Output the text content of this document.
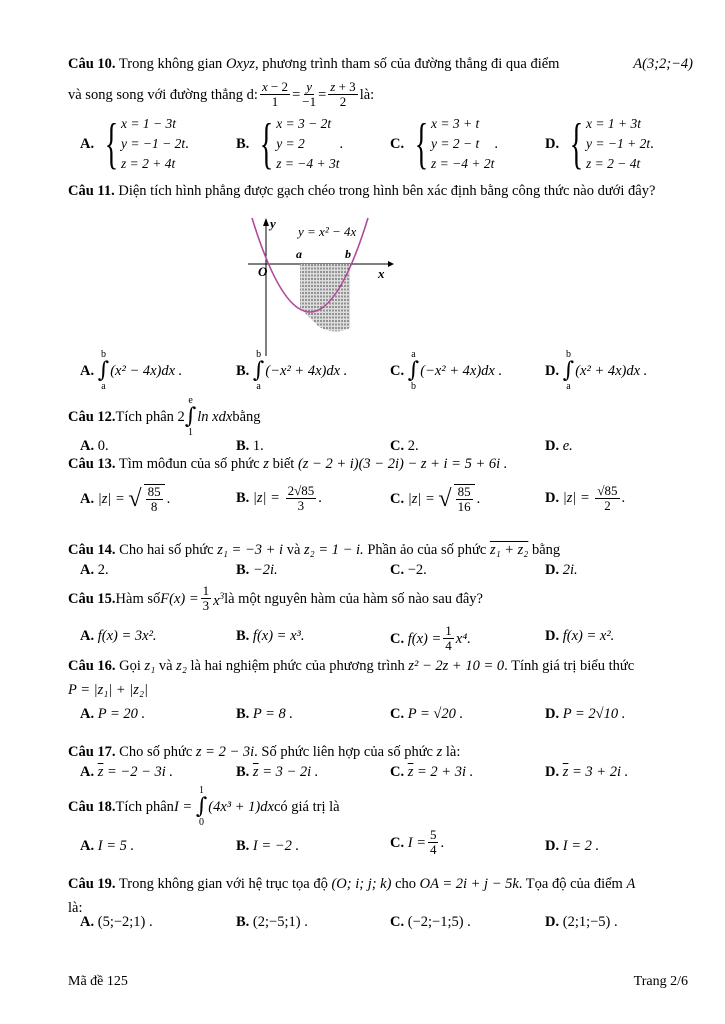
Câu 10. Trong không gian Oxyz, phương trình tham số của đường thẳng đi qua điểm	A(3;2;−4)
và song song với đường thẳng d: $\frac{x - 2}{1} = \frac{y}{-1} = \frac{z + 3}{2}$ là:
A. { x = 1 − 3t
y = −1 − 2t
z = 2 + 4t
.	B. { x = 3 − 2t
y = 2
z = −4 + 3t
.	C. { x = 3 + t
y = 2 − t
z = −4 + 2t
.	D. { x = 1 + 3t
y = −1 + 2t
z = 2 − 4t
.
Câu 11. Diện tích hình phẳng được gạch chéo trong hình bên xác định bằng công thức nào dưới đây?
O
a	b
x
y
y = x² − 4x
A.

b
∫
a
(x² − 4x)dx .	B.

b
∫
a
(−x² + 4x)dx .	C.

a
∫
b
(−x² + 4x)dx .	D.

b
∫
a
(x² + 4x)dx .
Câu 12. Tích phân 2
e
∫
1
ln xdx bằng
A.
0.	B.
1.	C.
2.	D.
e.
Câu 13. Tìm môđun của số phức z biết (z − 2 + i)(3 − 2i) − z + i = 5 + 6i .
A.
|z| =
√ $\frac{85}{8}$ .	B.
|z| =
$\frac{2√85}{3}$ .	C.
|z| =
√ $\frac{85}{16}$ .	D.
|z| =
$\frac{√85}{2}$ .
Câu 14. Cho hai số phức z₁ = −3 + i và z₂ = 1 − i. Phần ảo của số phức z₁ + z₂ bằng
A.
2.	B.
−2i.	C.
−2.	D.
2i.
Câu 15. Hàm số $F(x) = \frac{1}{3} x^3$ là một nguyên hàm của hàm số nào sau đây?
A.
f(x) = 3x².	B.
f(x) = x³.	C.
$f(x) = \frac{1}{4} x^4$.	D.
f(x) = x².
Câu 16. Gọi z₁ và z₂ là hai nghiệm phức của phương trình z² − 2z + 10 = 0. Tính giá trị biểu thức
P = |z₁| + |z₂|
A.
P = 20 .	B.
P = 8 .	C.
P = √20 .	D.
P = 2√10 .
Câu 17. Cho số phức z = 2 − 3i. Số phức liên hợp của số phức z là:
A.
$\overline{z}$
= −2 − 3i .	B.
$\overline{z}$
= 3 − 2i .	C.
$\overline{z}$
= 2 + 3i .	D.
$\overline{z}$
= 3 + 2i .
Câu 18. Tích phân I =

1
∫
0
(4x³ + 1)dx có giá trị là
A.
I = 5 .	B.
I = −2 .	C.
$I = \frac{5}{4}$ .	D.
I = 2 .
Câu 19. Trong không gian với hệ trục tọa độ (O; i; j; k) cho OA = 2i + j − 5k. Tọa độ của điểm A
là:
A.
(5;−2;1) .	B.
(2;−5;1) .	C.
(−2;−1;5) .	D.
(2;1;−5) .
Mã đề 125	Trang 2/6
